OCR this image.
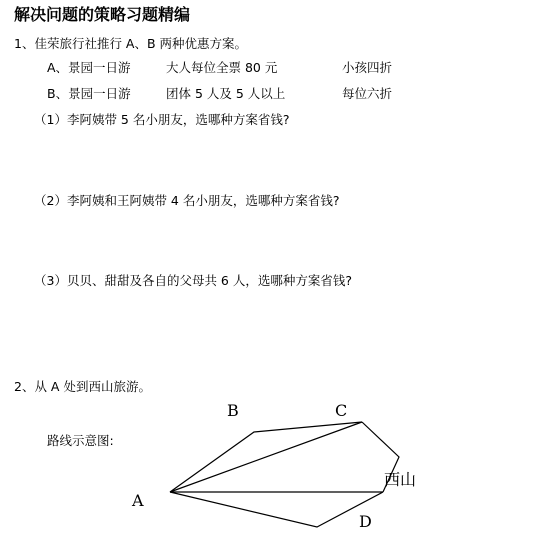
解决问题的策略习题精编
1、佳荣旅行社推行 A、B 两种优惠方案。
A、景园一日游	大人每位全票 80 元	小孩四折
B、景园一日游	团体 5 人及 5 人以上	每位六折
（1）李阿姨带 5 名小朋友，选哪种方案省钱?
（2）李阿姨和王阿姨带 4 名小朋友，选哪种方案省钱?
（3）贝贝、甜甜及各自的父母共 6 人，选哪种方案省钱?
2、从 A 处到西山旅游。
路线示意图:
A
B	C
D
西山
